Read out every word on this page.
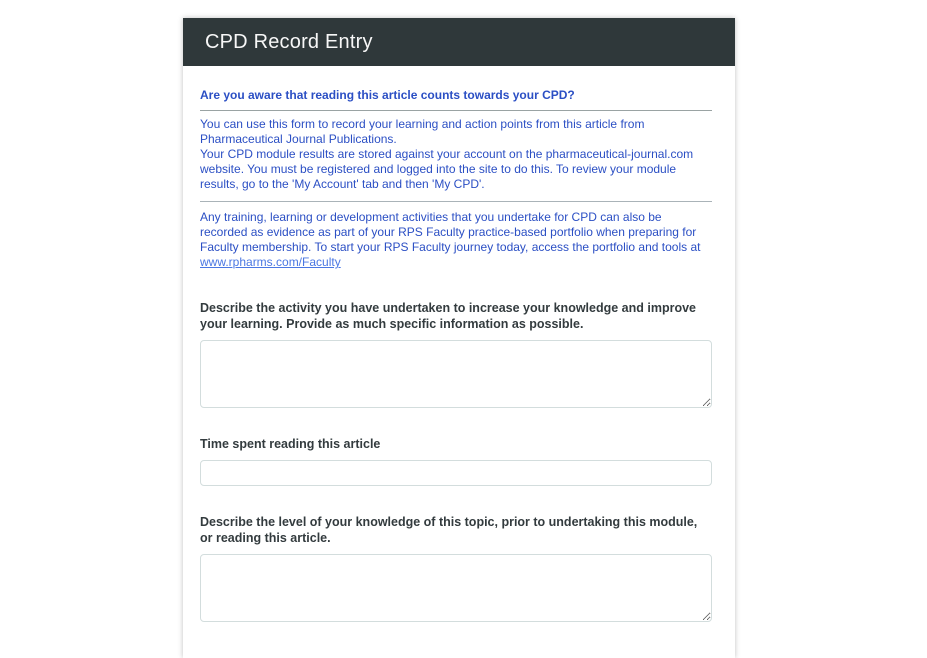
CPD Record Entry
Are you aware that reading this article counts towards your CPD?
You can use this form to record your learning and action points from this article from Pharmaceutical Journal Publications.
Your CPD module results are stored against your account on the pharmaceutical-journal.com website. You must be registered and logged into the site to do this. To review your module results, go to the 'My Account' tab and then 'My CPD'.
Any training, learning or development activities that you undertake for CPD can also be recorded as evidence as part of your RPS Faculty practice-based portfolio when preparing for Faculty membership. To start your RPS Faculty journey today, access the portfolio and tools at www.rpharms.com/Faculty
Describe the activity you have undertaken to increase your knowledge and improve your learning. Provide as much specific information as possible.
Time spent reading this article
Describe the level of your knowledge of this topic, prior to undertaking this module, or reading this article.
